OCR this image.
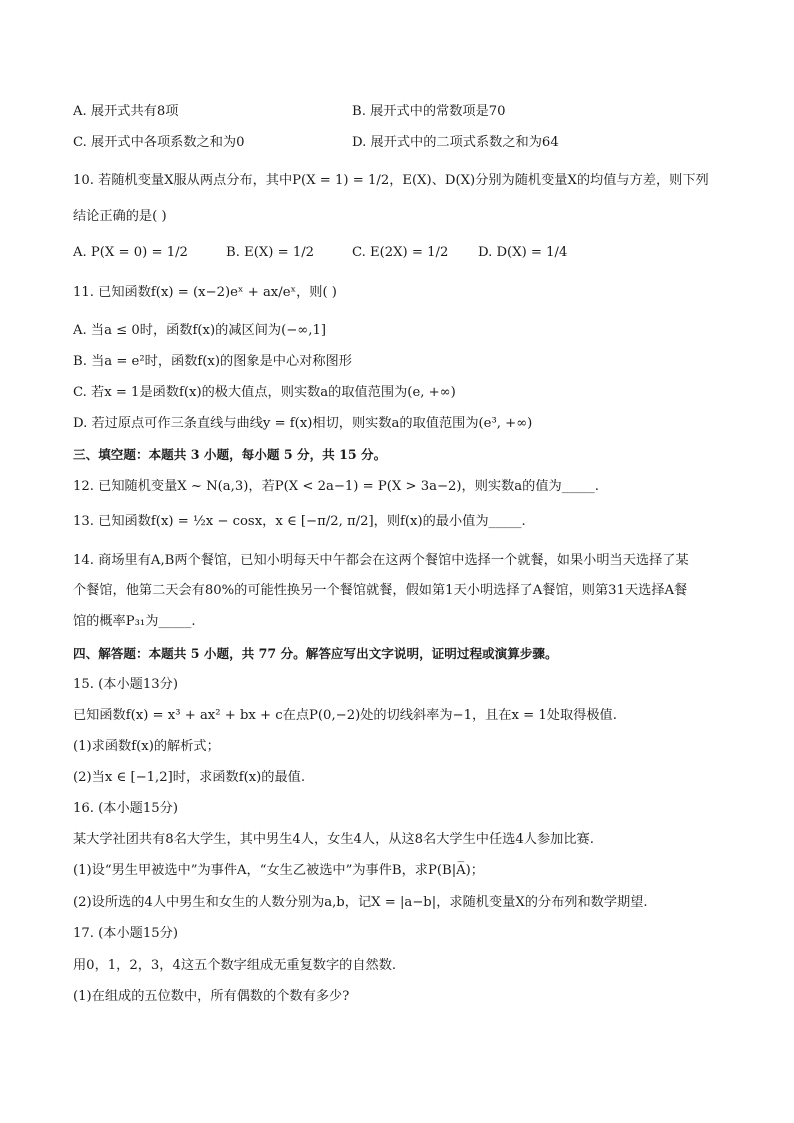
A. 展开式共有8项	B. 展开式中的常数项是70
C. 展开式中各项系数之和为0	D. 展开式中的二项式系数之和为64
10. 若随机变量X服从两点分布，其中P(X = 1) = 1/2，E(X)、D(X)分别为随机变量X的均值与方差，则下列
结论正确的是( )
A. P(X = 0) = 1/2	B. E(X) = 1/2	C. E(2X) = 1/2	D. D(X) = 1/4
11. 已知函数f(x) = (x−2)eˣ + ax/eˣ，则( )
A. 当a ≤ 0时，函数f(x)的减区间为(−∞,1]
B. 当a = e²时，函数f(x)的图象是中心对称图形
C. 若x = 1是函数f(x)的极大值点，则实数a的取值范围为(e, +∞)
D. 若过原点可作三条直线与曲线y = f(x)相切，则实数a的取值范围为(e³, +∞)
三、填空题：本题共 3 小题，每小题 5 分，共 15 分。
12. 已知随机变量X ~ N(a,3)，若P(X < 2a−1) = P(X > 3a−2)，则实数a的值为_____.
13. 已知函数f(x) = ½x − cosx，x ∈ [−π/2, π/2]，则f(x)的最小值为_____.
14. 商场里有A,B两个餐馆，已知小明每天中午都会在这两个餐馆中选择一个就餐，如果小明当天选择了某
个餐馆，他第二天会有80%的可能性换另一个餐馆就餐，假如第1天小明选择了A餐馆，则第31天选择A餐
馆的概率P₃₁为_____.
四、解答题：本题共 5 小题，共 77 分。解答应写出文字说明，证明过程或演算步骤。
15. (本小题13分)
已知函数f(x) = x³ + ax² + bx + c在点P(0,−2)处的切线斜率为−1，且在x = 1处取得极值.
(1)求函数f(x)的解析式；
(2)当x ∈ [−1,2]时，求函数f(x)的最值.
16. (本小题15分)
某大学社团共有8名大学生，其中男生4人，女生4人，从这8名大学生中任选4人参加比赛.
(1)设“男生甲被选中”为事件A，“女生乙被选中”为事件B，求P(B|A̅)；
(2)设所选的4人中男生和女生的人数分别为a,b，记X = |a−b|，求随机变量X的分布列和数学期望.
17. (本小题15分)
用0，1，2，3，4这五个数字组成无重复数字的自然数.
(1)在组成的五位数中，所有偶数的个数有多少?
